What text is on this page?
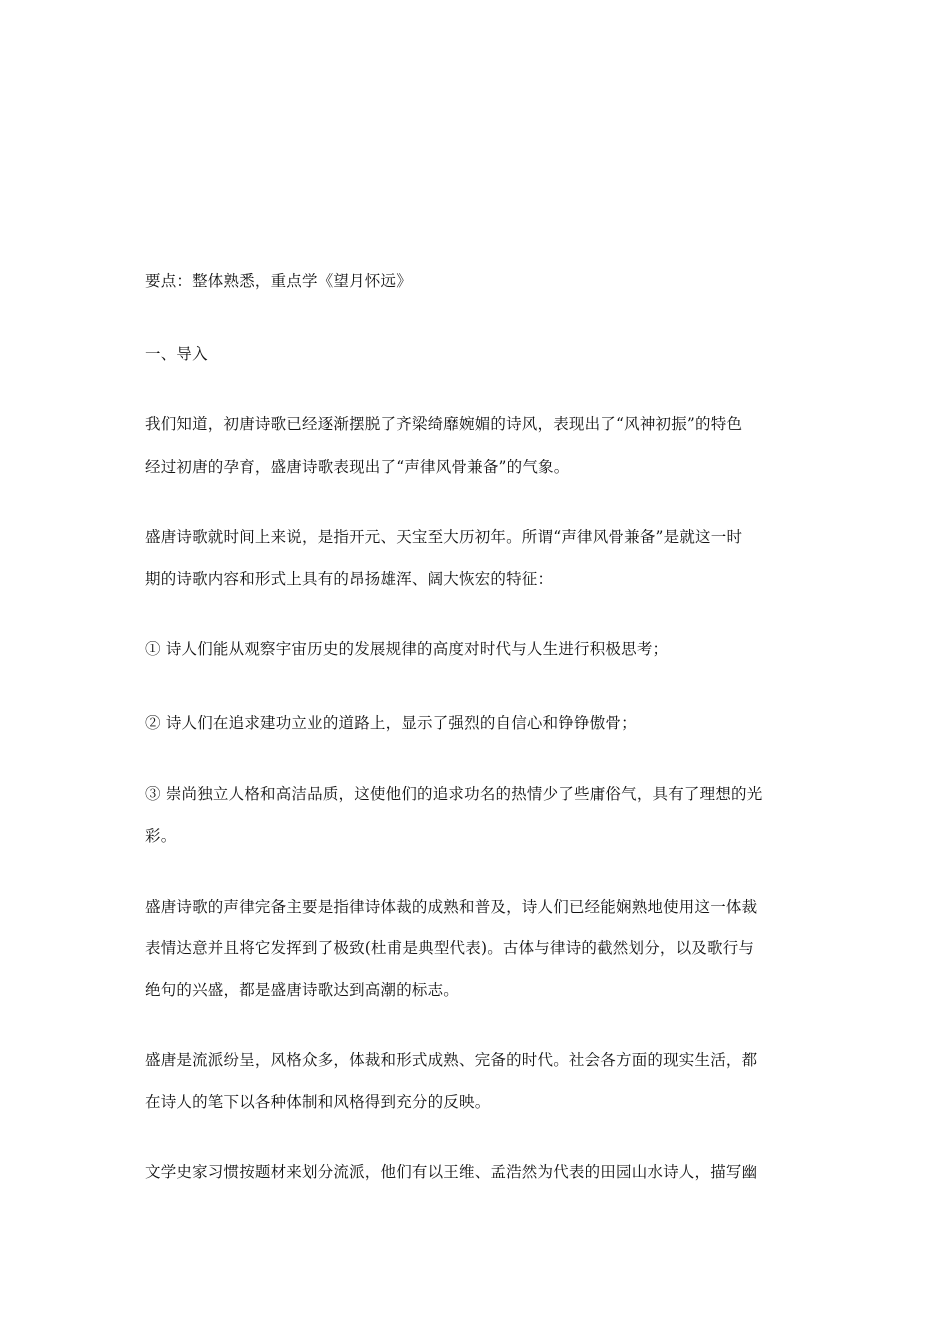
要点：整体熟悉，重点学《望月怀远》
一、导入
我们知道，初唐诗歌已经逐渐摆脱了齐梁绮靡婉媚的诗风，表现出了“风神初振”的特色
经过初唐的孕育，盛唐诗歌表现出了“声律风骨兼备”的气象。
盛唐诗歌就时间上来说，是指开元、天宝至大历初年。所谓“声律风骨兼备”是就这一时
期的诗歌内容和形式上具有的昂扬雄浑、阔大恢宏的特征：
① 诗人们能从观察宇宙历史的发展规律的高度对时代与人生进行积极思考；
② 诗人们在追求建功立业的道路上，显示了强烈的自信心和铮铮傲骨；
③ 崇尚独立人格和高洁品质，这使他们的追求功名的热情少了些庸俗气，具有了理想的光
彩。
盛唐诗歌的声律完备主要是指律诗体裁的成熟和普及，诗人们已经能娴熟地使用这一体裁
表情达意并且将它发挥到了极致(杜甫是典型代表)。古体与律诗的截然划分，以及歌行与
绝句的兴盛，都是盛唐诗歌达到高潮的标志。
盛唐是流派纷呈，风格众多，体裁和形式成熟、完备的时代。社会各方面的现实生活，都
在诗人的笔下以各种体制和风格得到充分的反映。
文学史家习惯按题材来划分流派，他们有以王维、孟浩然为代表的田园山水诗人，描写幽
